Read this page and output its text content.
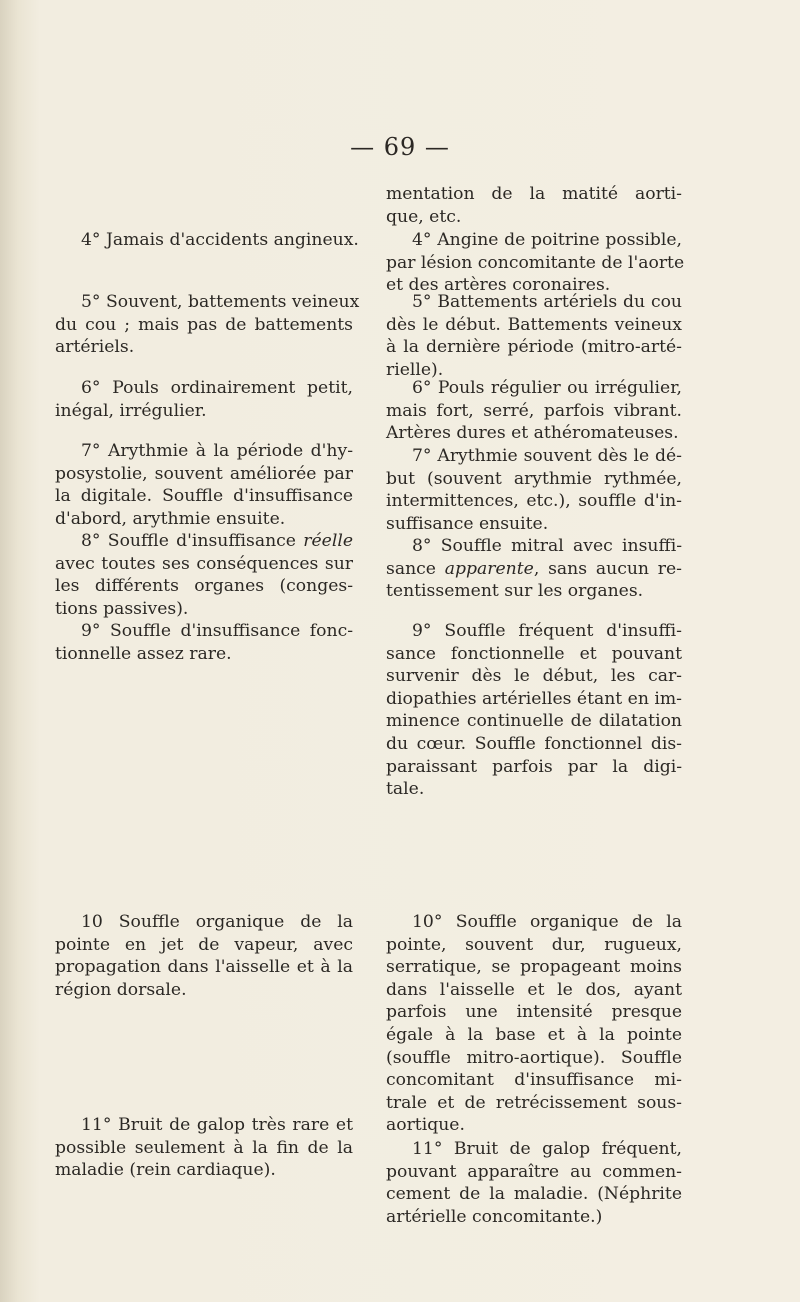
— 69 —
4° Jamais d'accidents angineux.
5° Souvent, battements veineux
du cou ; mais pas de battements
artériels.
6° Pouls ordinairement petit,
inégal, irrégulier.
7° Arythmie à la période d'hy-
posystolie, souvent améliorée par
la digitale. Souffle d'insuffisance
d'abord, arythmie ensuite.
8° Souffle d'insuffisance réelle
avec toutes ses conséquences sur
les différents organes (conges-
tions passives).
9° Souffle d'insuffisance fonc-
tionnelle assez rare.
10 Souffle organique de la
pointe en jet de vapeur, avec
propagation dans l'aisselle et à la
région dorsale.
11° Bruit de galop très rare et
possible seulement à la fin de la
maladie (rein cardiaque).
mentation de la matité aorti-
que, etc.
4° Angine de poitrine possible,
par lésion concomitante de l'aorte
et des artères coronaires.
5° Battements artériels du cou
dès le début. Battements veineux
à la dernière période (mitro-arté-
rielle).
6° Pouls régulier ou irrégulier,
mais fort, serré, parfois vibrant.
Artères dures et athéromateuses.
7° Arythmie souvent dès le dé-
but (souvent arythmie rythmée,
intermittences, etc.), souffle d'in-
suffisance ensuite.
8° Souffle mitral avec insuffi-
sance apparente, sans aucun re-
tentissement sur les organes.
9° Souffle fréquent d'insuffi-
sance fonctionnelle et pouvant
survenir dès le début, les car-
diopathies artérielles étant en im-
minence continuelle de dilatation
du cœur. Souffle fonctionnel dis-
paraissant parfois par la digi-
tale.
10° Souffle organique de la
pointe, souvent dur, rugueux,
serratique, se propageant moins
dans l'aisselle et le dos, ayant
parfois une intensité presque
égale à la base et à la pointe
(souffle mitro-aortique). Souffle
concomitant d'insuffisance mi-
trale et de retrécissement sous-
aortique.
11° Bruit de galop fréquent,
pouvant apparaître au commen-
cement de la maladie. (Néphrite
artérielle concomitante.)
